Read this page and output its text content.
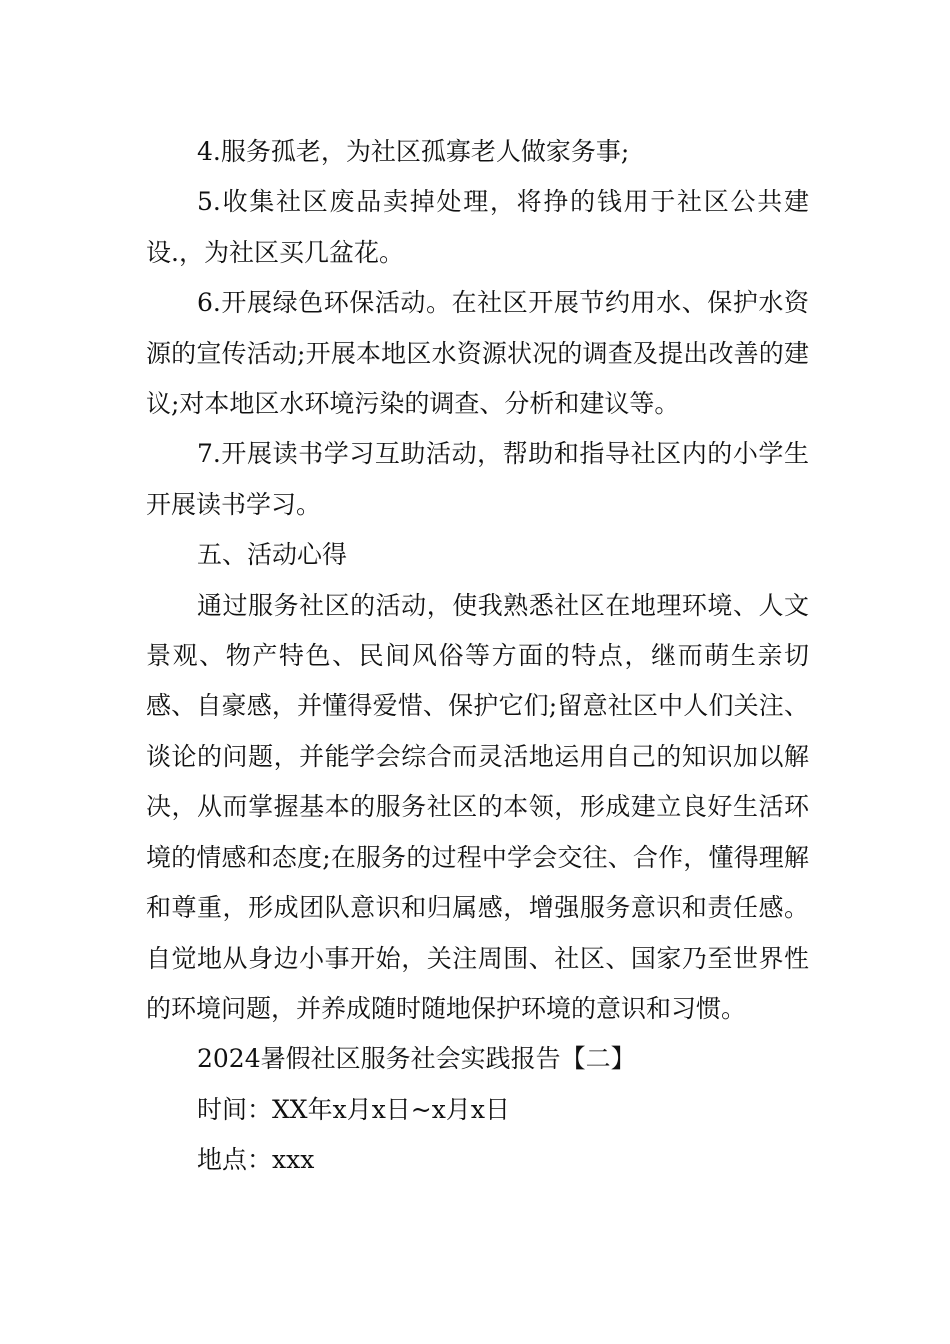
4.服务孤老，为社区孤寡老人做家务事;

5.收集社区废品卖掉处理，将挣的钱用于社区公共建设.，为社区买几盆花。

6.开展绿色环保活动。在社区开展节约用水、保护水资源的宣传活动;开展本地区水资源状况的调查及提出改善的建议;对本地区水环境污染的调查、分析和建议等。

7.开展读书学习互助活动，帮助和指导社区内的小学生开展读书学习。

五、活动心得

通过服务社区的活动，使我熟悉社区在地理环境、人文景观、物产特色、民间风俗等方面的特点，继而萌生亲切感、自豪感，并懂得爱惜、保护它们;留意社区中人们关注、谈论的问题，并能学会综合而灵活地运用自己的知识加以解决，从而掌握基本的服务社区的本领，形成建立良好生活环境的情感和态度;在服务的过程中学会交往、合作，懂得理解和尊重，形成团队意识和归属感，增强服务意识和责任感。自觉地从身边小事开始，关注周围、社区、国家乃至世界性的环境问题，并养成随时随地保护环境的意识和习惯。

2024暑假社区服务社会实践报告【二】

时间：XX年x月x日~x月x日

地点：xxx
